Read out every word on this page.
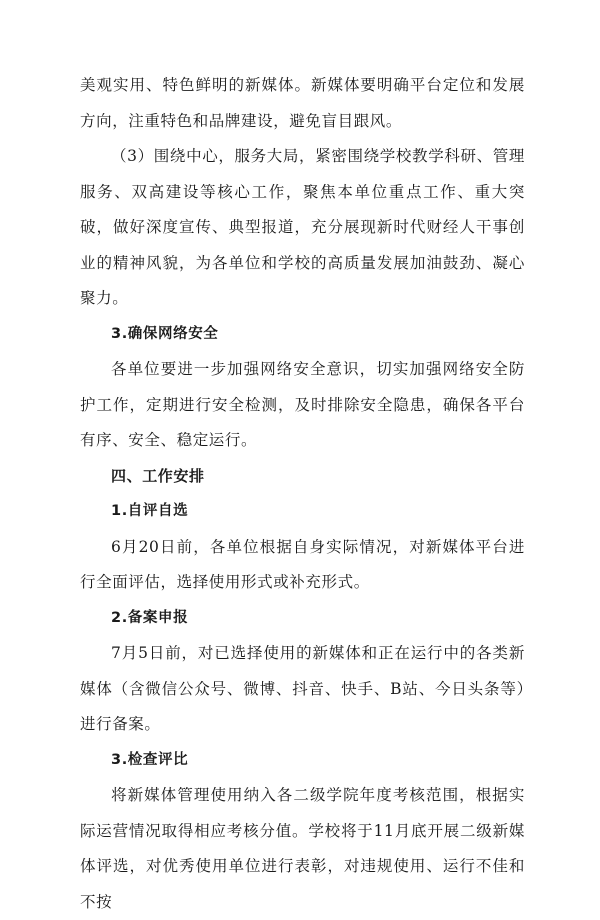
美观实用、特色鲜明的新媒体。新媒体要明确平台定位和发展方向，注重特色和品牌建设，避免盲目跟风。

（3）围绕中心，服务大局，紧密围绕学校教学科研、管理服务、双高建设等核心工作，聚焦本单位重点工作、重大突破，做好深度宣传、典型报道，充分展现新时代财经人干事创业的精神风貌，为各单位和学校的高质量发展加油鼓劲、凝心聚力。

3.确保网络安全

各单位要进一步加强网络安全意识，切实加强网络安全防护工作，定期进行安全检测，及时排除安全隐患，确保各平台有序、安全、稳定运行。

四、工作安排

1.自评自选

6月20日前，各单位根据自身实际情况，对新媒体平台进行全面评估，选择使用形式或补充形式。

2.备案申报

7月5日前，对已选择使用的新媒体和正在运行中的各类新媒体（含微信公众号、微博、抖音、快手、B站、今日头条等）进行备案。

3.检查评比

将新媒体管理使用纳入各二级学院年度考核范围，根据实际运营情况取得相应考核分值。学校将于11月底开展二级新媒体评选，对优秀使用单位进行表彰，对违规使用、运行不佳和不按
